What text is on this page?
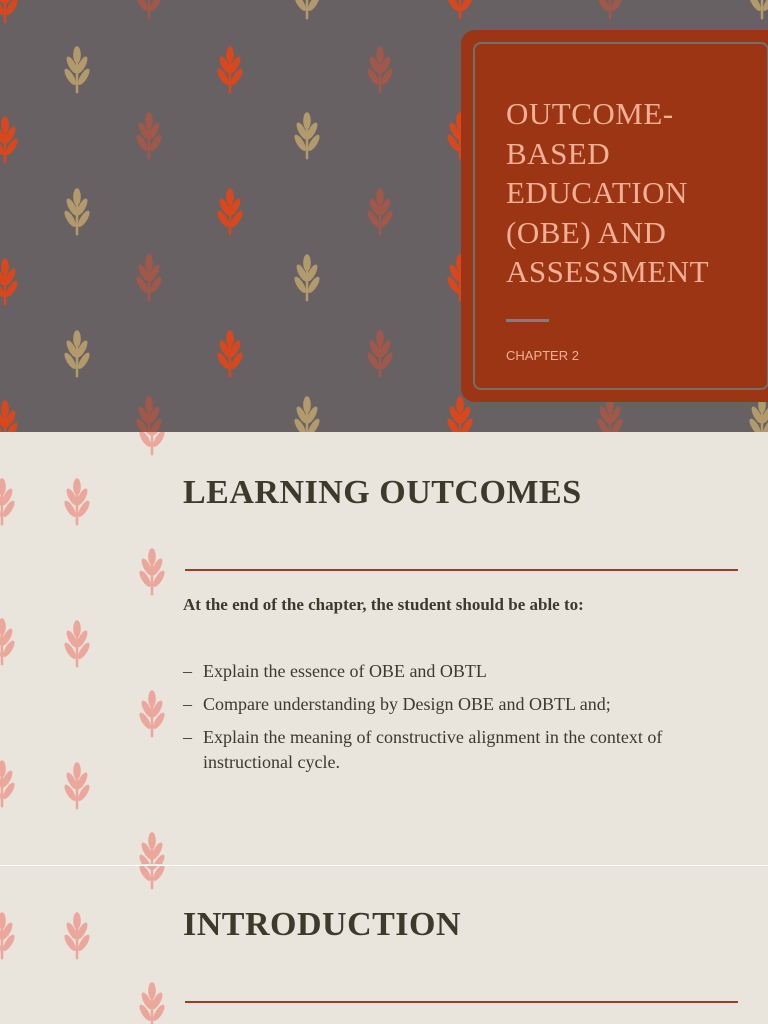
OUTCOME-
BASED
EDUCATION
(OBE) AND
ASSESSMENT
CHAPTER 2
LEARNING OUTCOMES

At the end of the chapter, the student should be able to:

– Explain the essence of OBE and OBTL
– Compare understanding by Design OBE and OBTL and;
– Explain the meaning of constructive alignment in the context of instructional cycle.
INTRODUCTION
